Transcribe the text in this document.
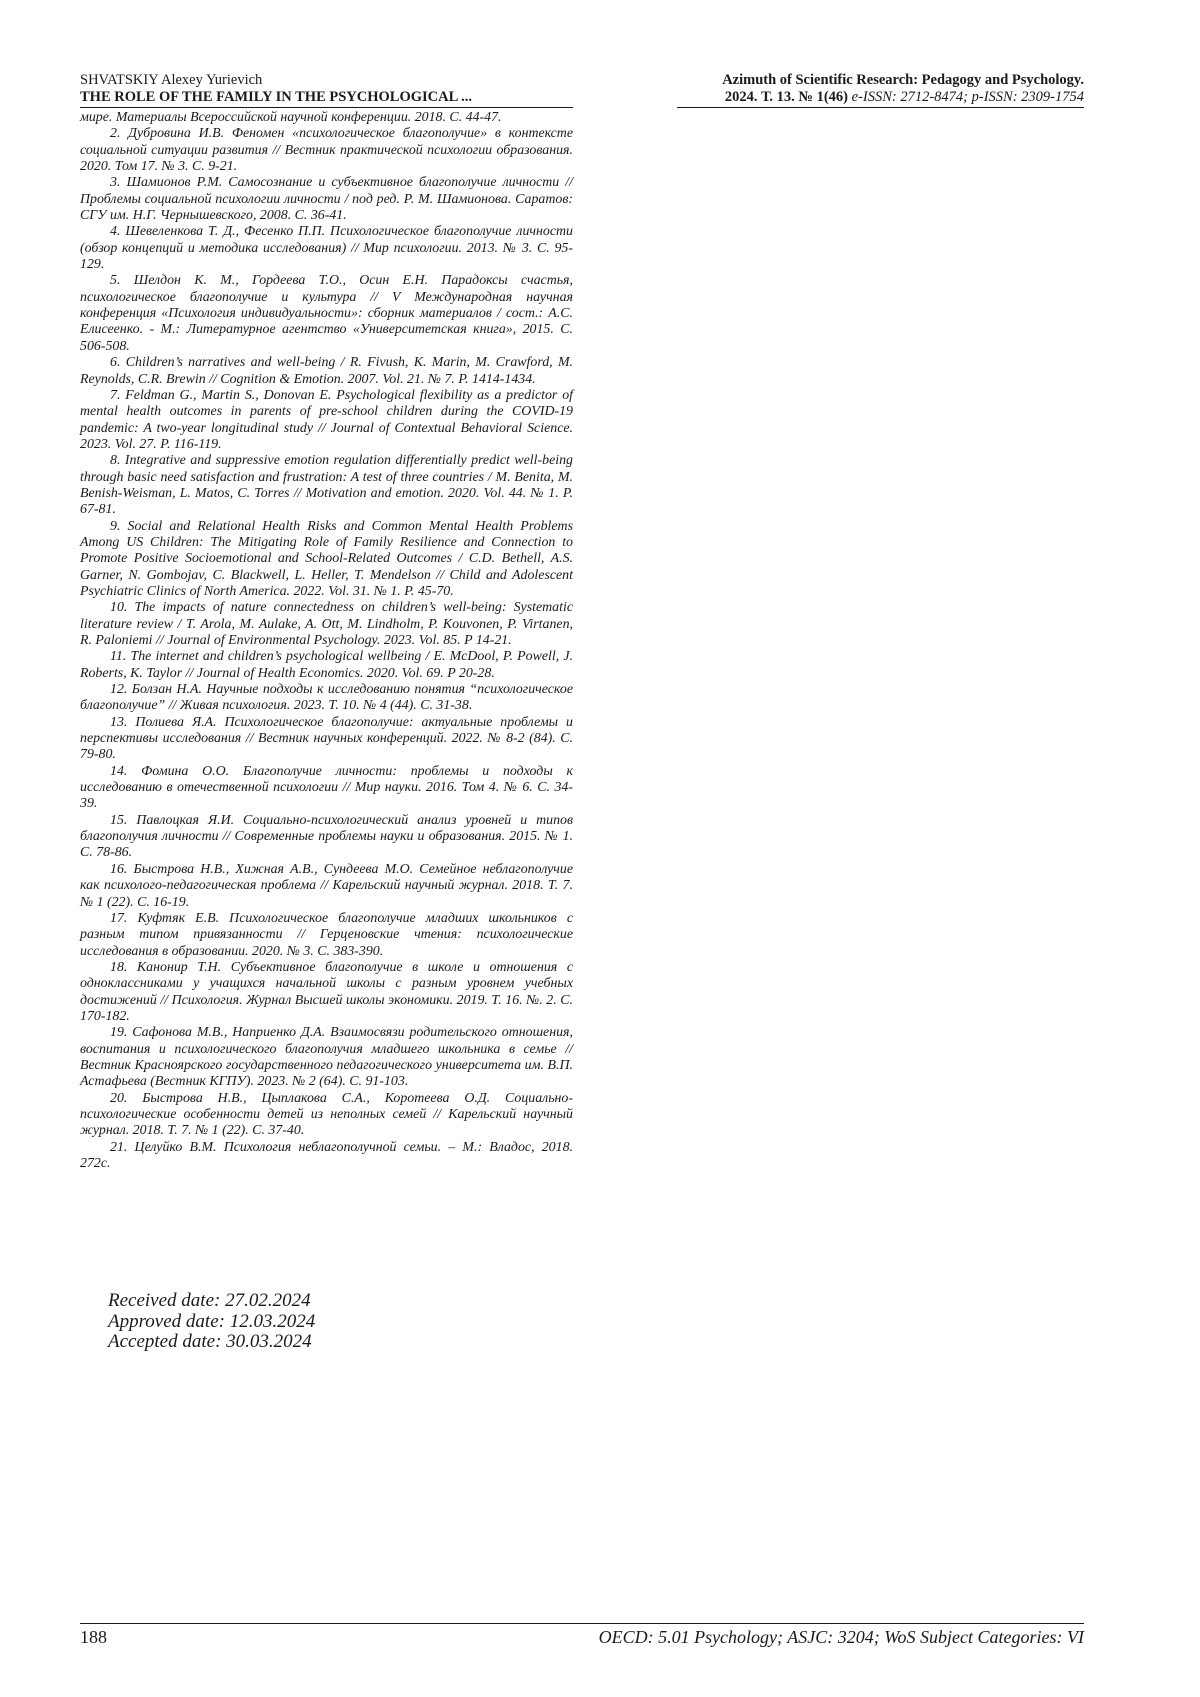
SHVATSKIY Alexey Yurievich
THE ROLE OF THE FAMILY IN THE PSYCHOLOGICAL ...
Azimuth of Scientific Research: Pedagogy and Psychology.
2024. Т. 13. № 1(46) e-ISSN: 2712-8474; p-ISSN: 2309-1754

мире. Материалы Всероссийской научной конференции. 2018. С. 44-47.

2. Дубровина И.В. Феномен «психологическое благополучие» в контексте социальной ситуации развития // Вестник практической психологии образования. 2020. Том 17. № 3. С. 9-21.

3. Шамионов Р.М. Самосознание и субъективное благополучие личности // Проблемы социальной психологии личности / под ред. Р. М. Шамионова. Саратов: СГУ им. Н.Г. Чернышевского, 2008. С. 36-41.

4. Шевеленкова Т. Д., Фесенко П.П. Психологическое благополучие личности (обзор концепций и методика исследования) // Мир психологии. 2013. № 3. С. 95-129.

5. Шелдон К. М., Гордеева Т.О., Осин Е.Н. Парадоксы счастья, психологическое благополучие и культура // V Международная научная конференция «Психология индивидуальности»: сборник материалов / сост.: А.С. Елисеенко. - М.: Литературное агентство «Университетская книга», 2015. С. 506-508.

6. Children’s narratives and well-being / R. Fivush, K. Marin, M. Crawford, M. Reynolds, C.R. Brewin // Cognition & Emotion. 2007. Vol. 21. № 7. P. 1414-1434.

7. Feldman G., Martin S., Donovan E. Psychological flexibility as a predictor of mental health outcomes in parents of pre-school children during the COVID-19 pandemic: A two-year longitudinal study // Journal of Contextual Behavioral Science. 2023. Vol. 27. P. 116-119.

8. Integrative and suppressive emotion regulation differentially predict well-being through basic need satisfaction and frustration: A test of three countries / M. Benita, M. Benish-Weisman, L. Matos, C. Torres // Motivation and emotion. 2020. Vol. 44. № 1. P. 67-81.

9. Social and Relational Health Risks and Common Mental Health Problems Among US Children: The Mitigating Role of Family Resilience and Connection to Promote Positive Socioemotional and School-Related Outcomes / C.D. Bethell, A.S. Garner, N. Gombojav, C. Blackwell, L. Heller, T. Mendelson // Child and Adolescent Psychiatric Clinics of North America. 2022. Vol. 31. № 1. P. 45-70.

10. The impacts of nature connectedness on children’s well-being: Systematic literature review / T. Arola, M. Aulake, A. Ott, M. Lindholm, P. Kouvonen, P. Virtanen, R. Paloniemi // Journal of Environmental Psychology. 2023. Vol. 85. P 14-21.

11. The internet and children’s psychological wellbeing / E. McDool, P. Powell, J. Roberts, K. Taylor // Journal of Health Economics. 2020. Vol. 69. P 20-28.

12. Болзан Н.А. Научные подходы к исследованию понятия “психологическое благополучие” // Живая психология. 2023. Т. 10. № 4 (44). С. 31-38.

13. Полиева Я.А. Психологическое благополучие: актуальные проблемы и перспективы исследования // Вестник научных конференций. 2022. № 8-2 (84). С. 79-80.

14. Фомина О.О. Благополучие личности: проблемы и подходы к исследованию в отечественной психологии // Мир науки. 2016. Том 4. № 6. С. 34-39.

15. Павлоцкая Я.И. Социально-психологический анализ уровней и типов благополучия личности // Современные проблемы науки и образования. 2015. № 1. С. 78-86.

16. Быстрова Н.В., Хижная А.В., Сундеева М.О. Семейное неблагополучие как психолого-педагогическая проблема // Карельский научный журнал. 2018. Т. 7. № 1 (22). С. 16-19.

17. Куфтяк Е.В. Психологическое благополучие младших школьников с разным типом привязанности // Герценовские чтения: психологические исследования в образовании. 2020. № 3. С. 383-390.

18. Канонир Т.Н. Субъективное благополучие в школе и отношения с одноклассниками у учащихся начальной школы с разным уровнем учебных достижений // Психология. Журнал Высшей школы экономики. 2019. Т. 16. №. 2. С. 170-182.

19. Сафонова М.В., Наприенко Д.А. Взаимосвязи родительского отношения, воспитания и психологического благополучия младшего школьника в семье // Вестник Красноярского государственного педагогического университета им. В.П. Астафьева (Вестник КГПУ). 2023. № 2 (64). С. 91-103.

20. Быстрова Н.В., Цыплакова С.А., Коротеева О.Д. Социально-психологические особенности детей из неполных семей // Карельский научный журнал. 2018. Т. 7. № 1 (22). С. 37-40.

21. Целуйко В.М. Психология неблагополучной семьи. – М.: Владос, 2018. 272с.

Received date: 27.02.2024
Approved date: 12.03.2024
Accepted date: 30.03.2024
188	OECD: 5.01 Psychology; ASJC: 3204; WoS Subject Categories: VI
